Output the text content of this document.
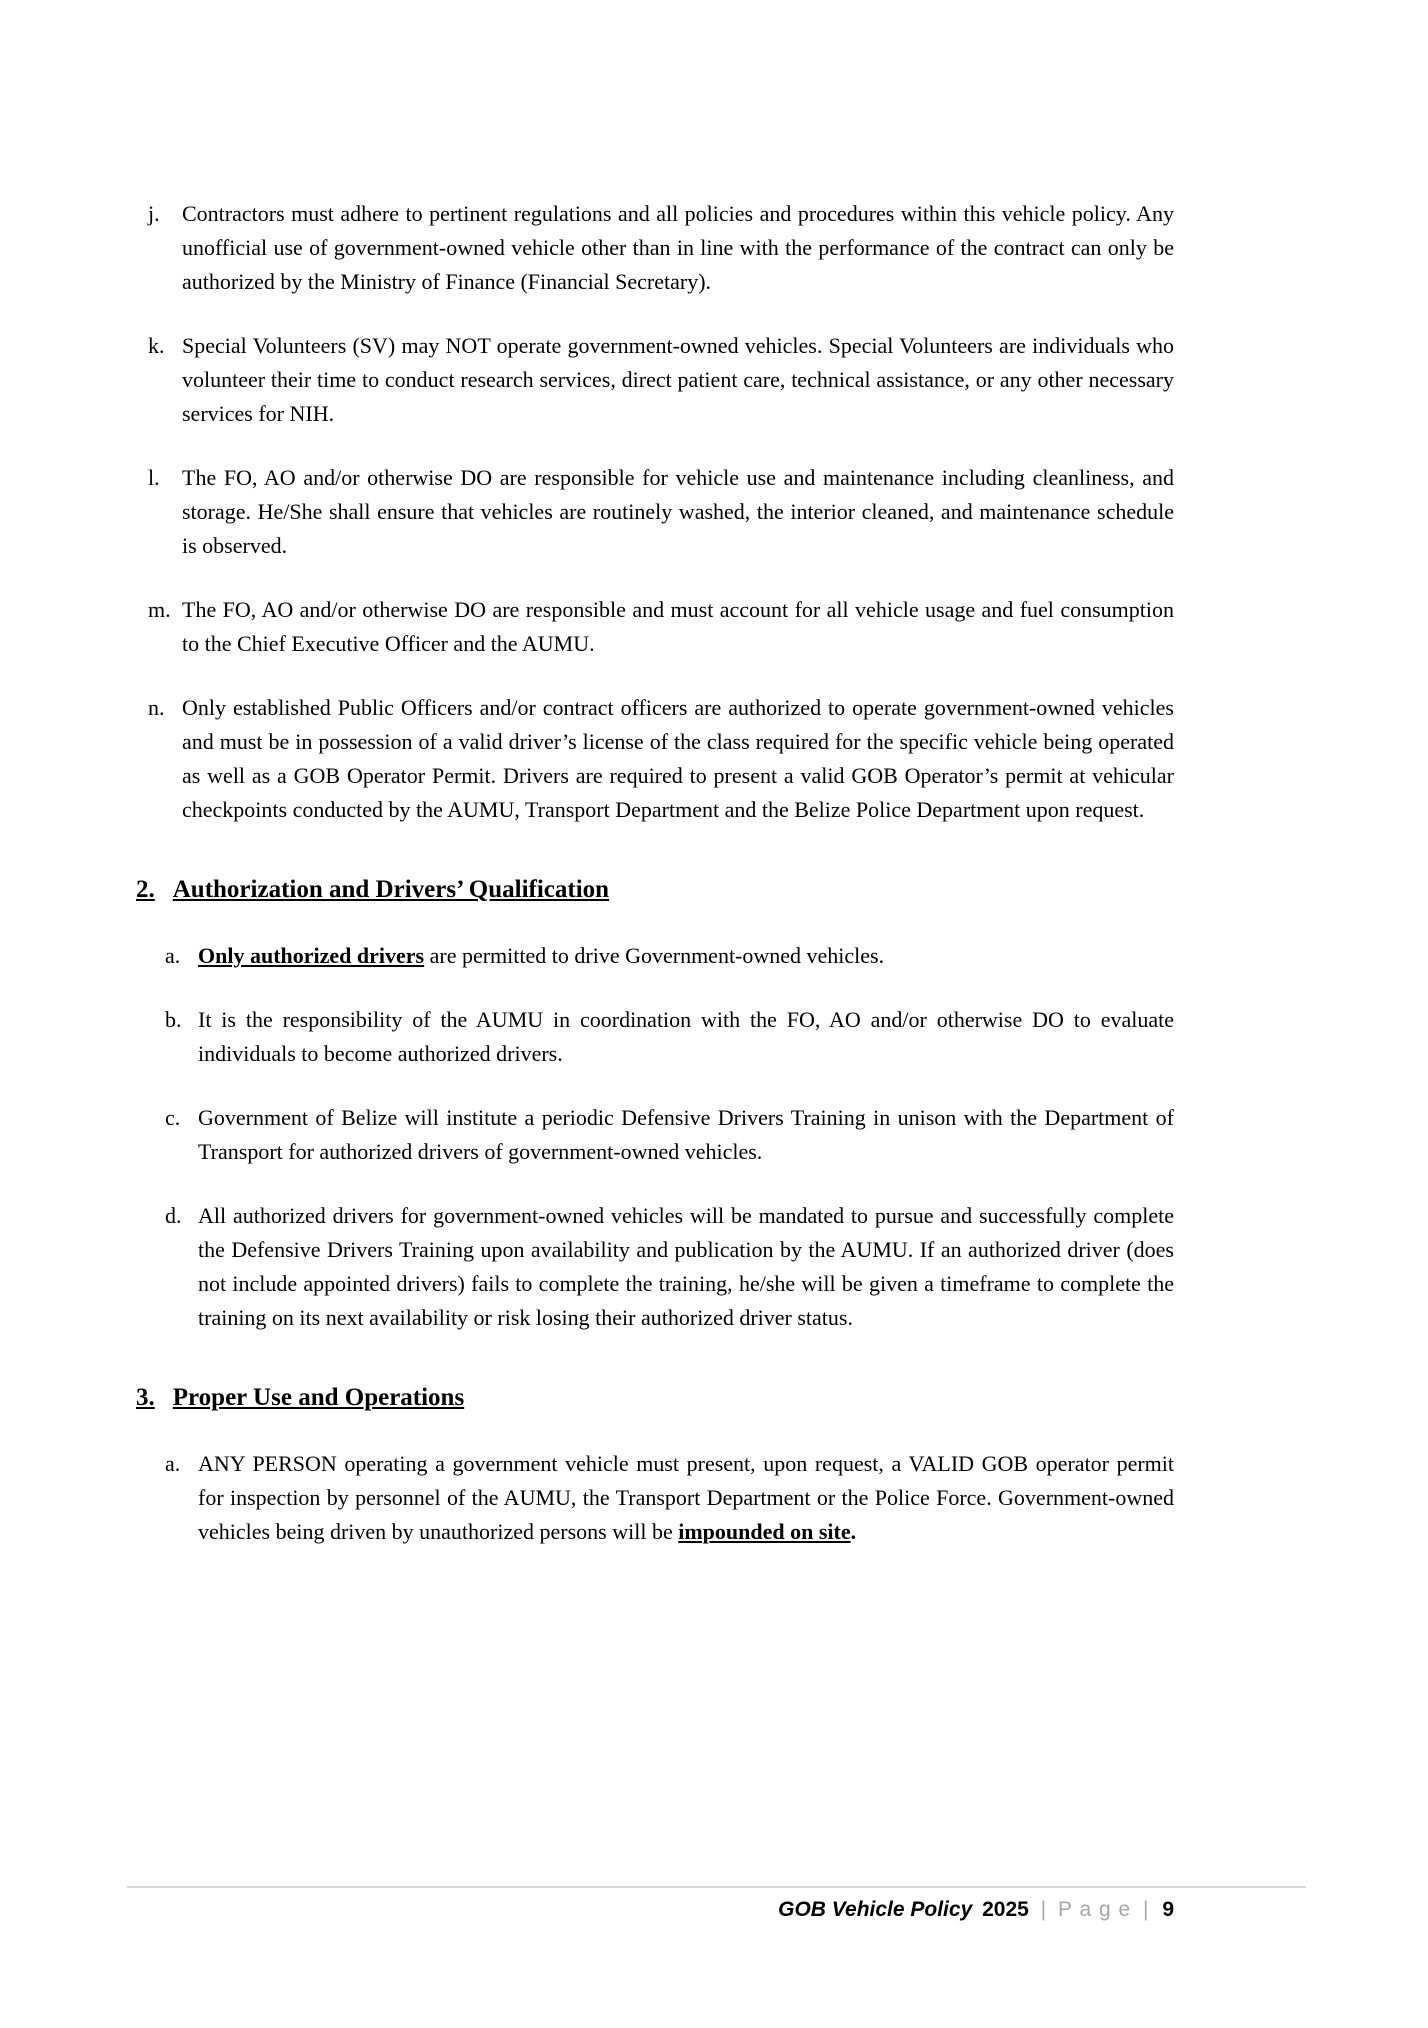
j.	Contractors must adhere to pertinent regulations and all policies and procedures within this vehicle policy. Any unofficial use of government-owned vehicle other than in line with the performance of the contract can only be authorized by the Ministry of Finance (Financial Secretary).
k. Special Volunteers (SV) may NOT operate government-owned vehicles. Special Volunteers are individuals who volunteer their time to conduct research services, direct patient care, technical assistance, or any other necessary services for NIH.
l.	The FO, AO and/or otherwise DO are responsible for vehicle use and maintenance including cleanliness, and storage. He/She shall ensure that vehicles are routinely washed, the interior cleaned, and maintenance schedule is observed.
m. The FO, AO and/or otherwise DO are responsible and must account for all vehicle usage and fuel consumption to the Chief Executive Officer and the AUMU.
n. Only established Public Officers and/or contract officers are authorized to operate government-owned vehicles and must be in possession of a valid driver’s license of the class required for the specific vehicle being operated as well as a GOB Operator Permit. Drivers are required to present a valid GOB Operator’s permit at vehicular checkpoints conducted by the AUMU, Transport Department and the Belize Police Department upon request.
2. Authorization and Drivers’ Qualification
a. Only authorized drivers are permitted to drive Government-owned vehicles.
b. It is the responsibility of the AUMU in coordination with the FO, AO and/or otherwise DO to evaluate individuals to become authorized drivers.
c. Government of Belize will institute a periodic Defensive Drivers Training in unison with the Department of Transport for authorized drivers of government-owned vehicles.
d. All authorized drivers for government-owned vehicles will be mandated to pursue and successfully complete the Defensive Drivers Training upon availability and publication by the AUMU. If an authorized driver (does not include appointed drivers) fails to complete the training, he/she will be given a timeframe to complete the training on its next availability or risk losing their authorized driver status.
3. Proper Use and Operations
a. ANY PERSON operating a government vehicle must present, upon request, a VALID GOB operator permit for inspection by personnel of the AUMU, the Transport Department or the Police Force. Government-owned vehicles being driven by unauthorized persons will be impounded on site.
GOB Vehicle Policy 2025 | P a g e | 9
